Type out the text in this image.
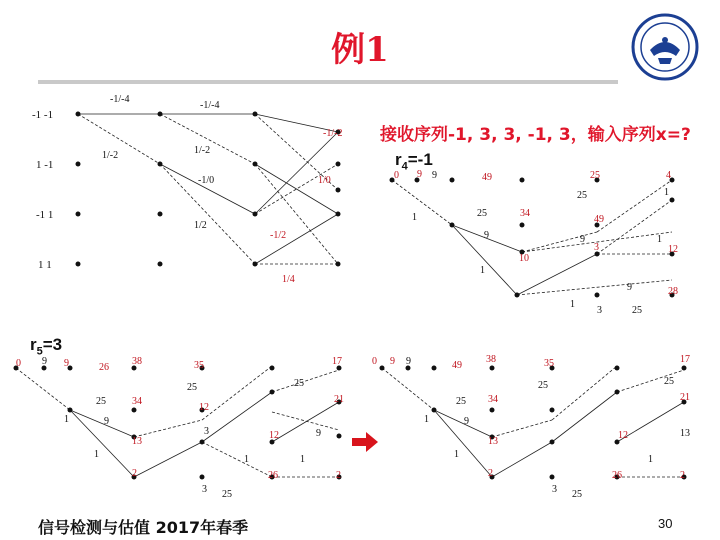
例1
接收序列-1, 3, 3, -1, 3，输入序列x=?
$r_4=-1$
$r_5=3$
-1 -1
1 -1
-1 1
1 1
-1/-4
-1/-4
-1/-2
1/-2	1/-2
-1/0	1/0
1/2
-1/2
1/4
0 9	49	25	4
34
49
10
12
3
28
9
25
1	25
1
9	9	1
1
9
1
3	25
0	9	26
38	35	17
34
12
13
21
12
2	2
26
9
25
25
1
25
9
3
1
9
1	1
3 25
0 9	49
38	35	17
34
13
21
12
2	26	2
9
25
25
1
25
9
13
1	1
3 25
信号检测与估值 2017年春季	30
